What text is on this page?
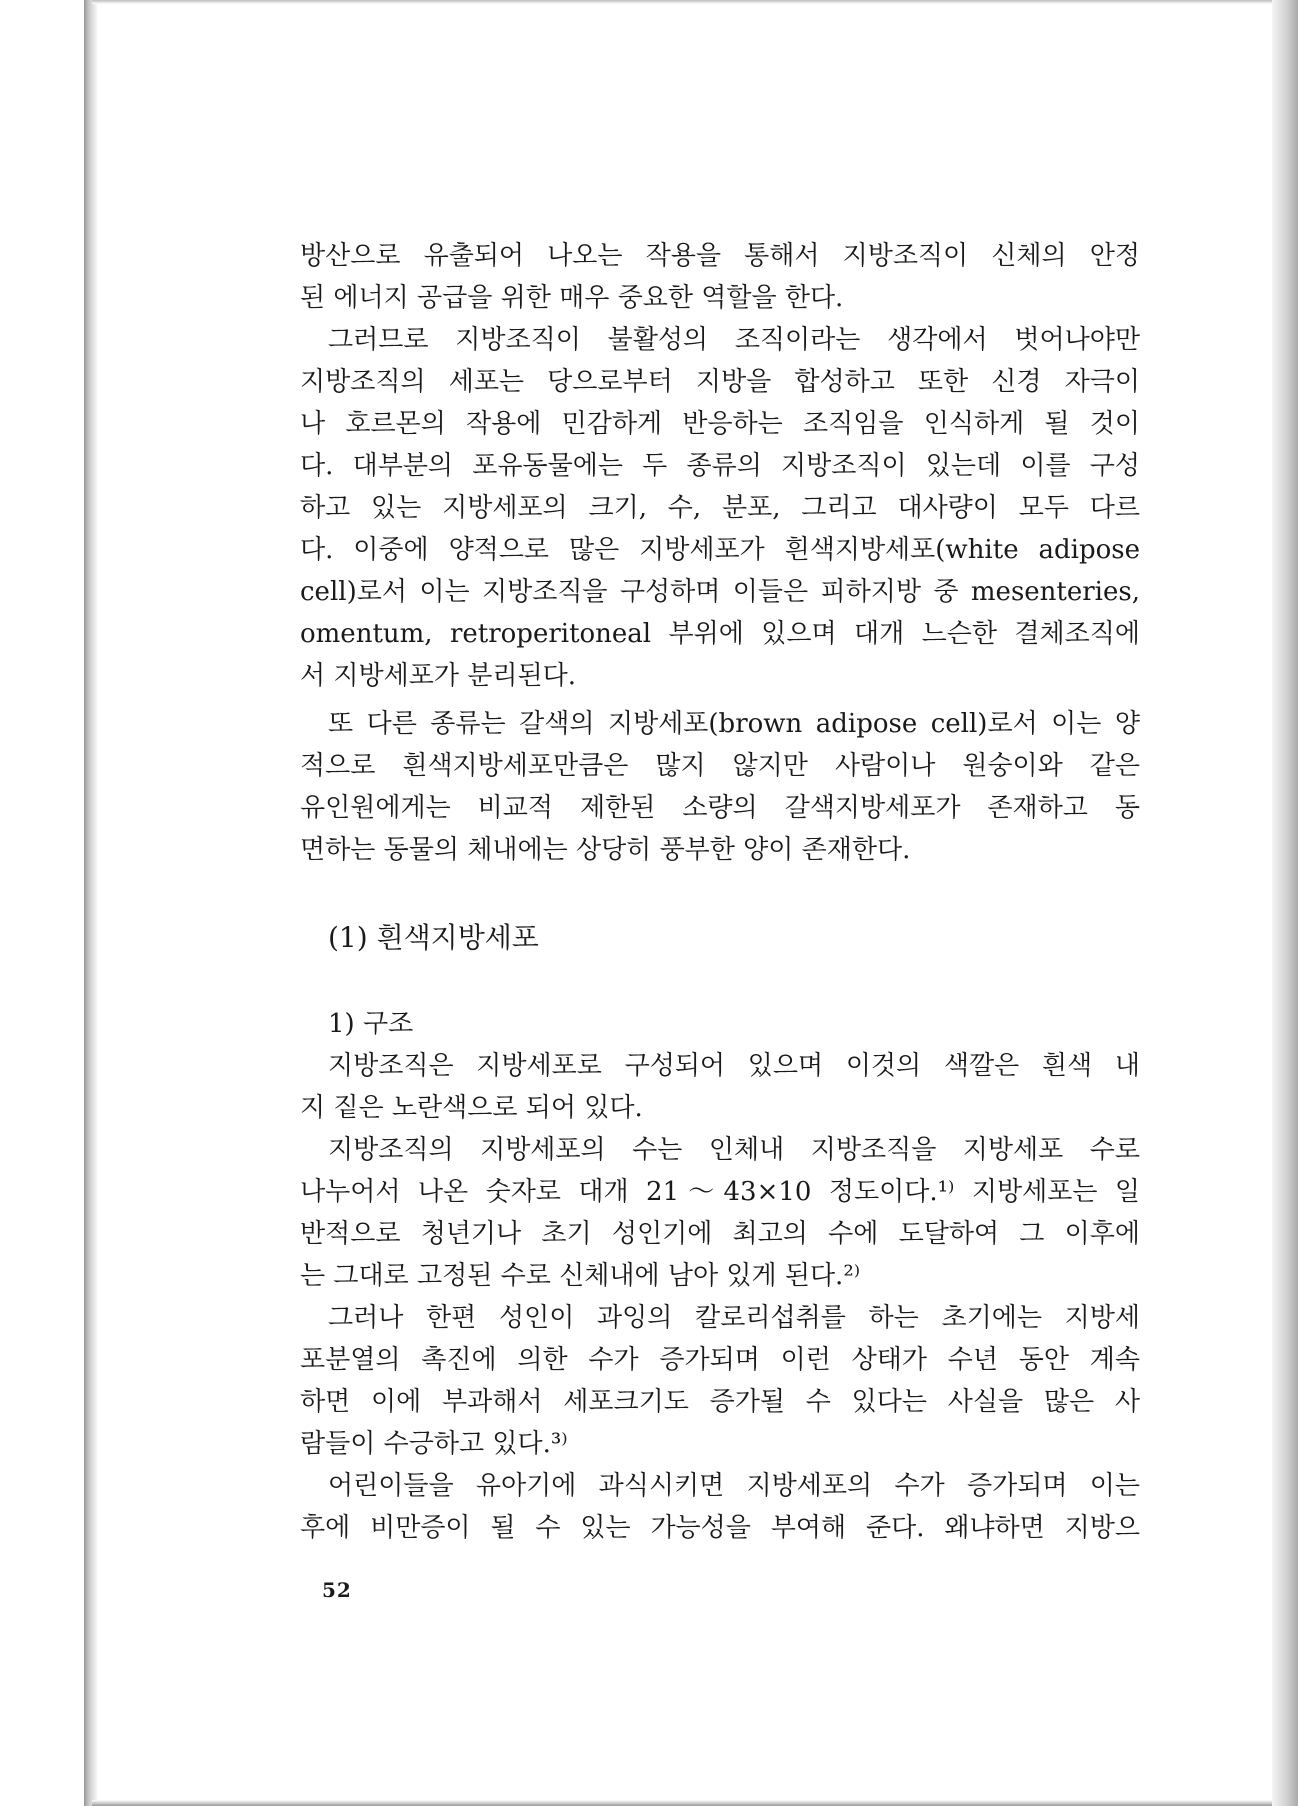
방산으로 유출되어 나오는 작용을 통해서 지방조직이 신체의 안정
된 에너지 공급을 위한 매우 중요한 역할을 한다.
그러므로 지방조직이 불활성의 조직이라는 생각에서 벗어나야만
지방조직의 세포는 당으로부터 지방을 합성하고 또한 신경 자극이
나 호르몬의 작용에 민감하게 반응하는 조직임을 인식하게 될 것이
다. 대부분의 포유동물에는 두 종류의 지방조직이 있는데 이를 구성
하고 있는 지방세포의 크기, 수, 분포, 그리고 대사량이 모두 다르
다. 이중에 양적으로 많은 지방세포가 흰색지방세포(white adipose
cell)로서 이는 지방조직을 구성하며 이들은 피하지방 중 mesenteries,
omentum, retroperitoneal 부위에 있으며 대개 느슨한 결체조직에
서 지방세포가 분리된다.
또 다른 종류는 갈색의 지방세포(brown adipose cell)로서 이는 양
적으로 흰색지방세포만큼은 많지 않지만 사람이나 원숭이와 같은
유인원에게는 비교적 제한된 소량의 갈색지방세포가 존재하고 동
면하는 동물의 체내에는 상당히 풍부한 양이 존재한다.
(1) 흰색지방세포
1) 구조
지방조직은 지방세포로 구성되어 있으며 이것의 색깔은 흰색 내
지 짙은 노란색으로 되어 있다.
지방조직의 지방세포의 수는 인체내 지방조직을 지방세포 수로
나누어서 나온 숫자로 대개 21～43×10 정도이다.¹⁾ 지방세포는 일
반적으로 청년기나 초기 성인기에 최고의 수에 도달하여 그 이후에
는 그대로 고정된 수로 신체내에 남아 있게 된다.²⁾
그러나 한편 성인이 과잉의 칼로리섭취를 하는 초기에는 지방세
포분열의 촉진에 의한 수가 증가되며 이런 상태가 수년 동안 계속
하면 이에 부과해서 세포크기도 증가될 수 있다는 사실을 많은 사
람들이 수긍하고 있다.³⁾
어린이들을 유아기에 과식시키면 지방세포의 수가 증가되며 이는
후에 비만증이 될 수 있는 가능성을 부여해 준다. 왜냐하면 지방으
52
